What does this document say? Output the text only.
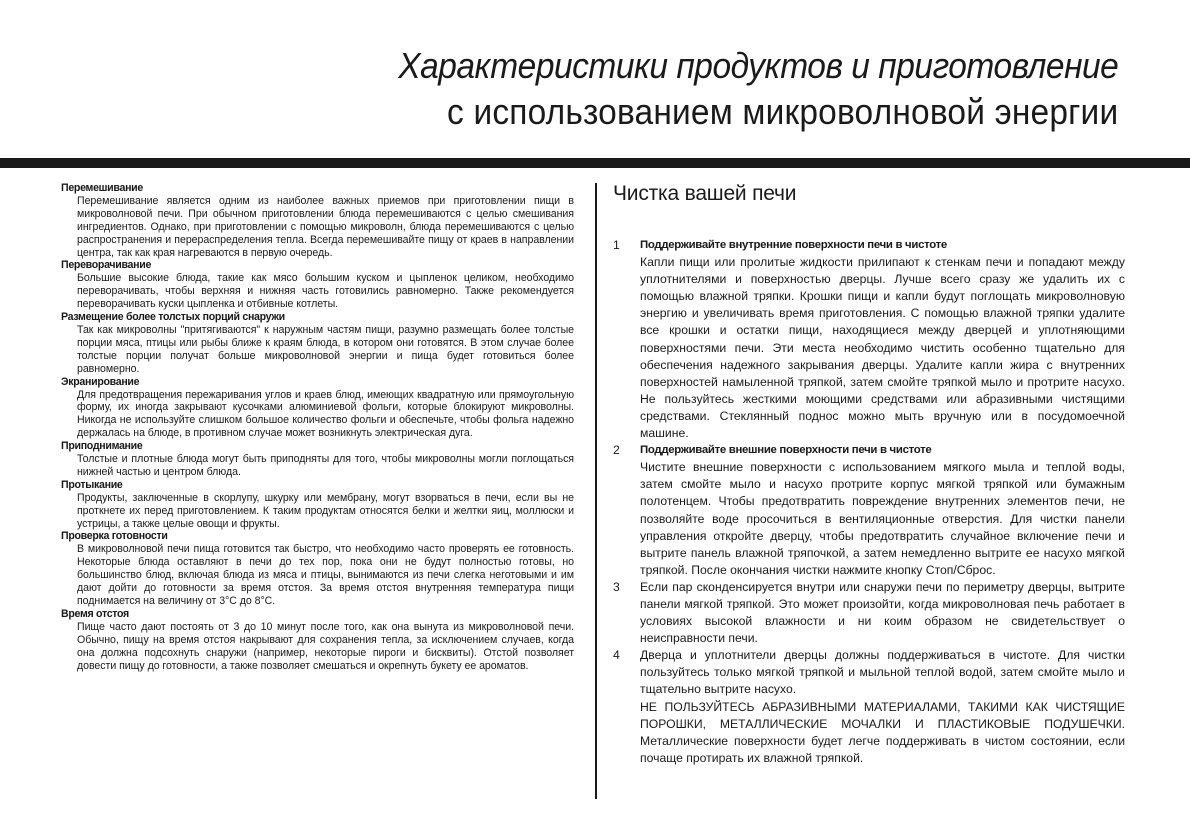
Характеристики продуктов и приготовление
с использованием микроволновой энергии
Перемешивание
Перемешивание является одним из наиболее важных приемов при приготовлении пищи в микроволновой печи. При обычном приготовлении блюда перемешиваются с целью смешивания ингредиентов. Однако, при приготовлении с помощью микроволн, блюда перемешиваются с целью распространения и перераспределения тепла. Всегда перемешивайте пищу от краев в направлении центра, так как края нагреваются в первую очередь.
Переворачивание
Большие высокие блюда, такие как мясо большим куском и цыпленок целиком, необходимо переворачивать, чтобы верхняя и нижняя часть готовились равномерно. Также рекомендуется переворачивать куски цыпленка и отбивные котлеты.
Размещение более толстых порций снаружи
Так как микроволны "притягиваются" к наружным частям пищи, разумно размещать более толстые порции мяса, птицы или рыбы ближе к краям блюда, в котором они готовятся. В этом случае более толстые порции получат больше микроволновой энергии и пища будет готовиться более равномерно.
Экранирование
Для предотвращения пережаривания углов и краев блюд, имеющих квадратную или прямоугольную форму, их иногда закрывают кусочками алюминиевой фольги, которые блокируют микроволны. Никогда не используйте слишком большое количество фольги и обеспечьте, чтобы фольга надежно держалась на блюде, в противном случае может возникнуть электрическая дуга.
Приподнимание
Толстые и плотные блюда могут быть приподняты для того, чтобы микроволны могли поглощаться нижней частью и центром блюда.
Протыкание
Продукты, заключенные в скорлупу, шкурку или мембрану, могут взорваться в печи, если вы не проткнете их перед приготовлением. К таким продуктам относятся белки и желтки яиц, моллюски и устрицы, а также целые овощи и фрукты.
Проверка готовности
В микроволновой печи пища готовится так быстро, что необходимо часто проверять ее готовность. Некоторые блюда оставляют в печи до тех пор, пока они не будут полностью готовы, но большинство блюд, включая блюда из мяса и птицы, вынимаются из печи слегка неготовыми и им дают дойти до готовности за время отстоя. За время отстоя внутренняя температура пищи поднимается на величину от 3°C до 8°C.
Время отстоя
Пище часто дают постоять от 3 до 10 минут после того, как она вынута из микроволновой печи. Обычно, пищу на время отстоя накрывают для сохранения тепла, за исключением случаев, когда она должна подсохнуть снаружи (например, некоторые пироги и бисквиты). Отстой позволяет довести пищу до готовности, а также позволяет смешаться и окрепнуть букету ее ароматов.
Чистка вашей печи
1	Поддерживайте внутренние поверхности печи в чистоте
Капли пищи или пролитые жидкости прилипают к стенкам печи и попадают между уплотнителями и поверхностью дверцы. Лучше всего сразу же удалить их с помощью влажной тряпки. Крошки пищи и капли будут поглощать микроволновую энергию и увеличивать время приготовления. С помощью влажной тряпки удалите все крошки и остатки пищи, находящиеся между дверцей и уплотняющими поверхностями печи. Эти места необходимо чистить особенно тщательно для обеспечения надежного закрывания дверцы. Удалите капли жира с внутренних поверхностей намыленной тряпкой, затем смойте тряпкой мыло и протрите насухо. Не пользуйтесь жесткими моющими средствами или абразивными чистящими средствами. Стеклянный поднос можно мыть вручную или в посудомоечной машине.
2	Поддерживайте внешние поверхности печи в чистоте
Чистите внешние поверхности с использованием мягкого мыла и теплой воды, затем смойте мыло и насухо протрите корпус мягкой тряпкой или бумажным полотенцем. Чтобы предотвратить повреждение внутренних элементов печи, не позволяйте воде просочиться в вентиляционные отверстия. Для чистки панели управления откройте дверцу, чтобы предотвратить случайное включение печи и вытрите панель влажной тряпочкой, а затем немедленно вытрите ее насухо мягкой тряпкой. После окончания чистки нажмите кнопку Стоп/Сброс.
3	Если пар сконденсируется внутри или снаружи печи по периметру дверцы, вытрите панели мягкой тряпкой. Это может произойти, когда микроволновая печь работает в условиях высокой влажности и ни коим образом не свидетельствует о неисправности печи.
4	Дверца и уплотнители дверцы должны поддерживаться в чистоте. Для чистки пользуйтесь только мягкой тряпкой и мыльной теплой водой, затем смойте мыло и тщательно вытрите насухо.
НЕ ПОЛЬЗУЙТЕСЬ АБРАЗИВНЫМИ МАТЕРИАЛАМИ, ТАКИМИ КАК ЧИСТЯЩИЕ ПОРОШКИ, МЕТАЛЛИЧЕСКИЕ МОЧАЛКИ И ПЛАСТИКОВЫЕ ПОДУШЕЧКИ. Металлические поверхности будет легче поддерживать в чистом состоянии, если почаще протирать их влажной тряпкой.
